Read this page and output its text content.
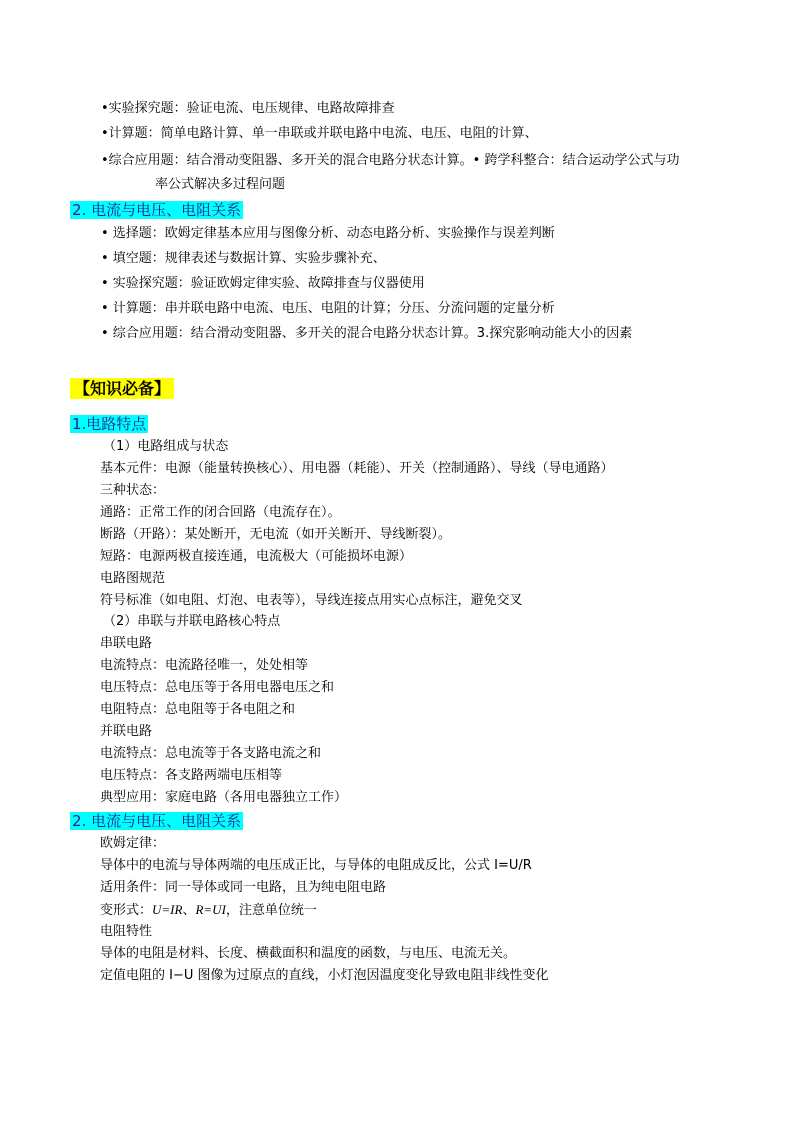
•实验探究题：验证电流、电压规律、电路故障排查
•计算题：简单电路计算、单一串联或并联电路中电流、电压、电阻的计算、
•综合应用题：结合滑动变阻器、多开关的混合电路分状态计算。• 跨学科整合：结合运动学公式与功
率公式解决多过程问题
2. 电流与电压、电阻关系
• 选择题：欧姆定律基本应用与图像分析、动态电路分析、实验操作与误差判断
• 填空题：规律表述与数据计算、实验步骤补充、
• 实验探究题：验证欧姆定律实验、故障排查与仪器使用
• 计算题：串并联电路中电流、电压、电阻的计算；分压、分流问题的定量分析
• 综合应用题：结合滑动变阻器、多开关的混合电路分状态计算。3.探究影响动能大小的因素
【知识必备】
1.电路特点
（1）电路组成与状态
基本元件：电源（能量转换核心）、用电器（耗能）、开关（控制通路）、导线（导电通路）
三种状态：
通路：正常工作的闭合回路（电流存在）。
断路（开路）：某处断开，无电流（如开关断开、导线断裂）。
短路：电源两极直接连通，电流极大（可能损坏电源）
电路图规范
符号标准（如电阻、灯泡、电表等），导线连接点用实心点标注，避免交叉
（2）串联与并联电路核心特点
串联电路
电流特点：电流路径唯一，处处相等
电压特点：总电压等于各用电器电压之和
电阻特点：总电阻等于各电阻之和
并联电路
电流特点：总电流等于各支路电流之和
电压特点：各支路两端电压相等
典型应用：家庭电路（各用电器独立工作）
2. 电流与电压、电阻关系
欧姆定律：
导体中的电流与导体两端的电压成正比，与导体的电阻成反比，公式 I=U/R
适用条件：同一导体或同一电路，且为纯电阻电路
变形式：U=IR、R=UI，注意单位统一
电阻特性
导体的电阻是材料、长度、横截面积和温度的函数，与电压、电流无关。
定值电阻的 I−U 图像为过原点的直线，小灯泡因温度变化导致电阻非线性变化
